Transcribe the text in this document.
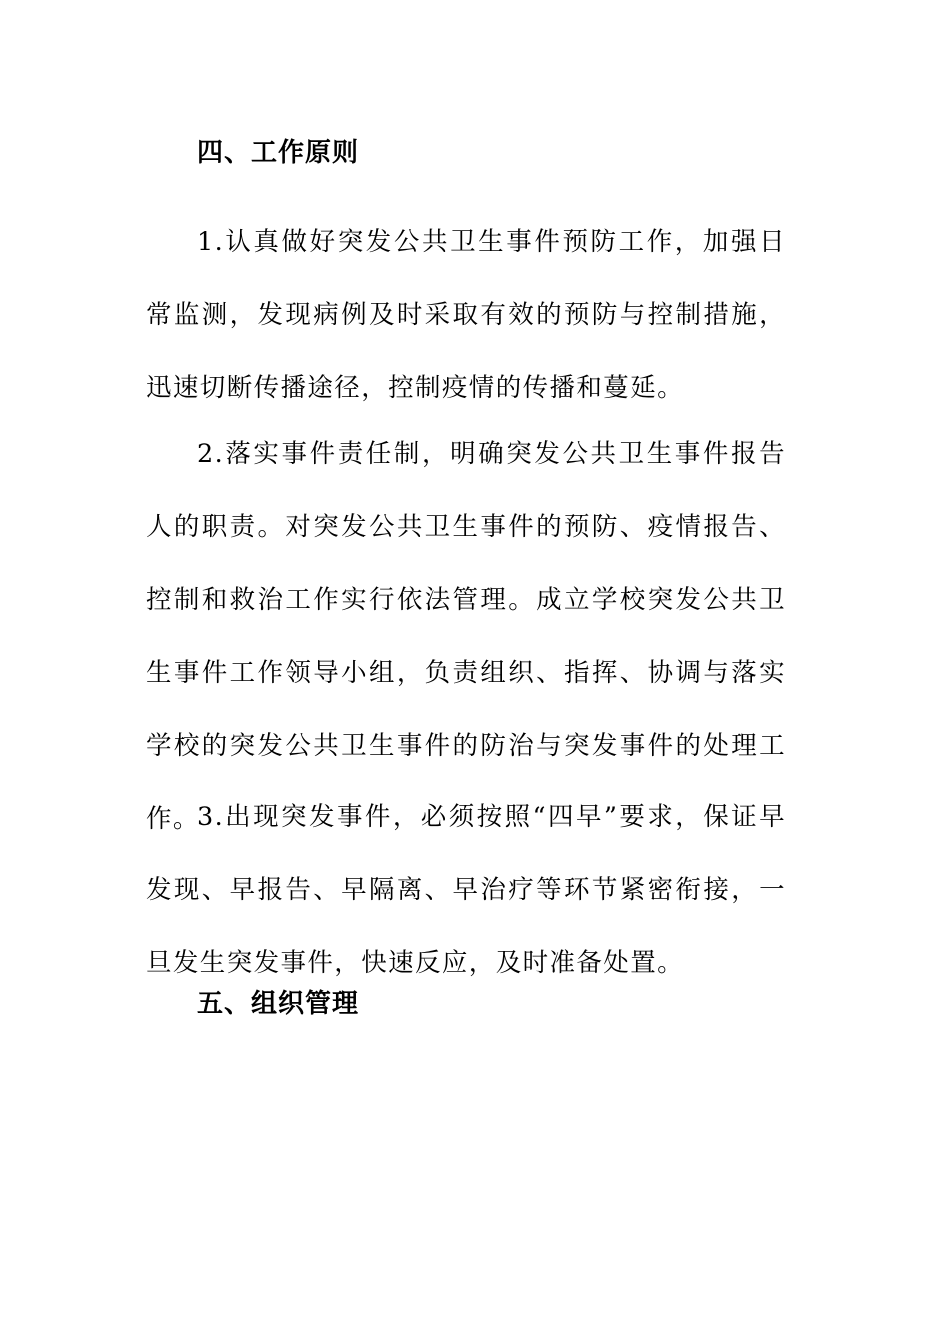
四、工作原则

1.认真做好突发公共卫生事件预防工作，加强日常监测，发现病例及时采取有效的预防与控制措施，迅速切断传播途径，控制疫情的传播和蔓延。

2.落实事件责任制，明确突发公共卫生事件报告人的职责。对突发公共卫生事件的预防、疫情报告、控制和救治工作实行依法管理。成立学校突发公共卫生事件工作领导小组，负责组织、指挥、协调与落实学校的突发公共卫生事件的防治与突发事件的处理工作。

3.出现突发事件，必须按照“四早”要求，保证早发现、早报告、早隔离、早治疗等环节紧密衔接，一旦发生突发事件，快速反应，及时准备处置。

五、组织管理
